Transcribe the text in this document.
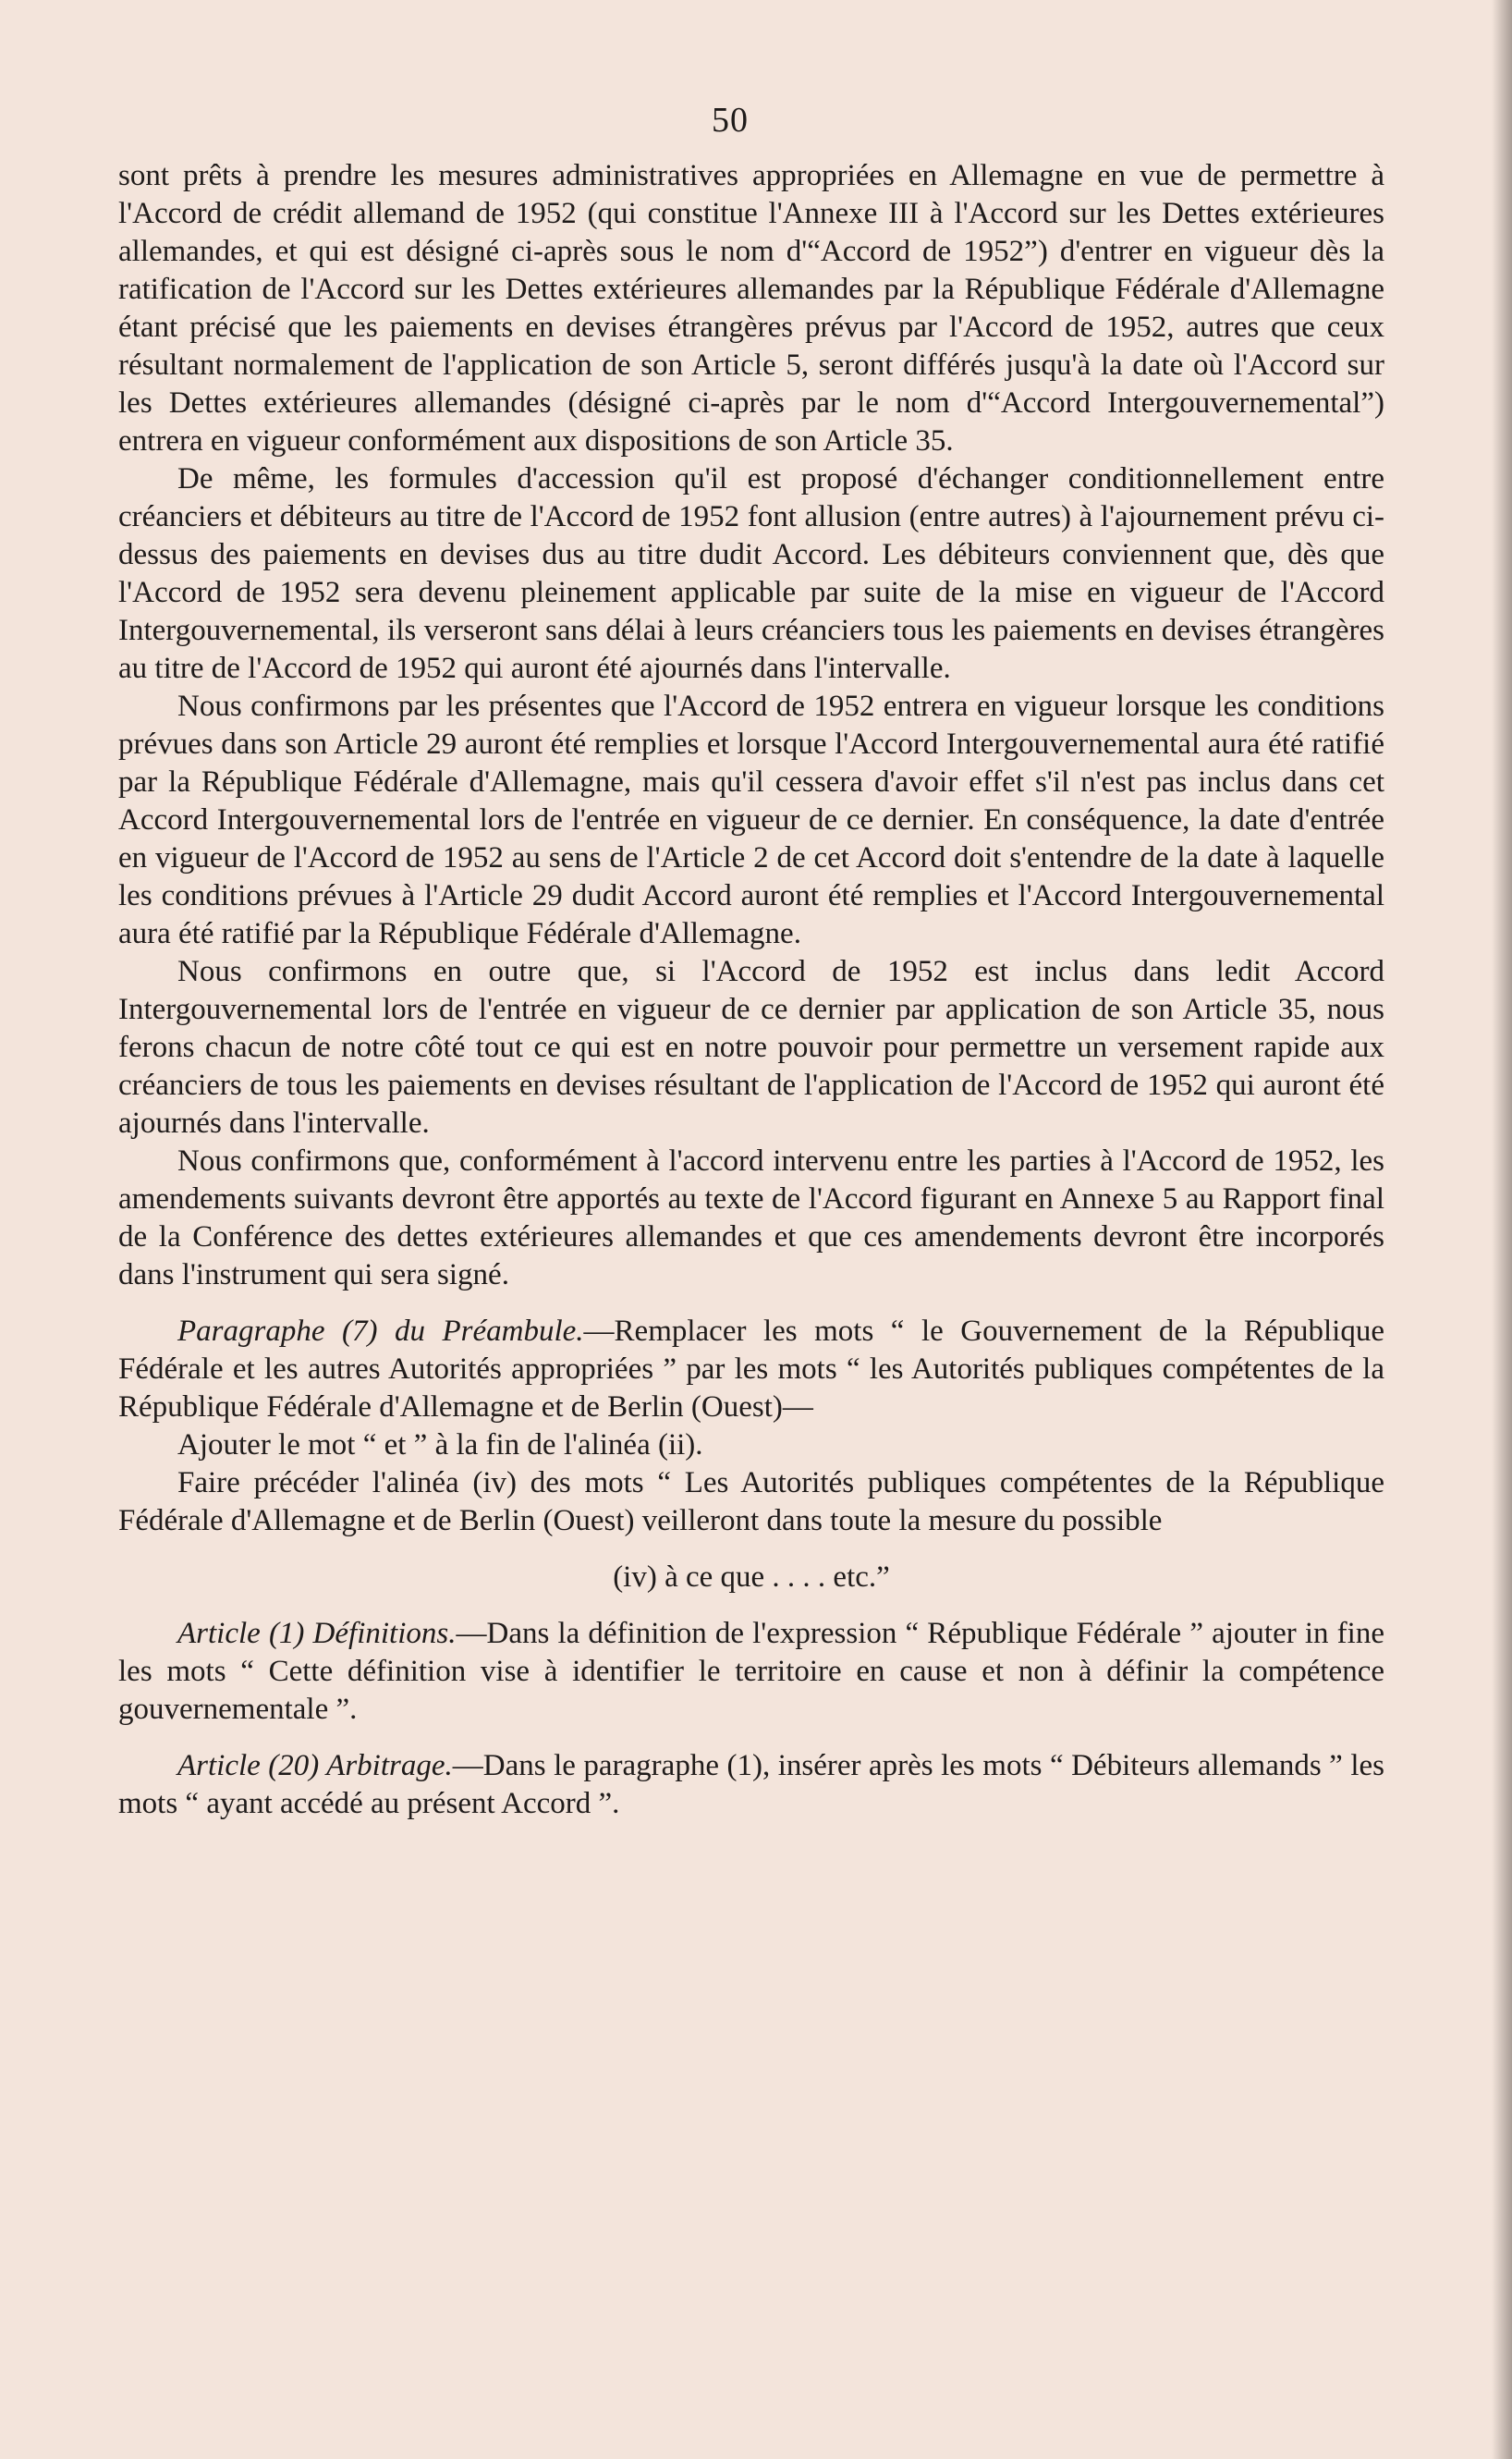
50

sont prêts à prendre les mesures administratives appropriées en Allemagne en vue de permettre à l'Accord de crédit allemand de 1952 (qui constitue l'Annexe III à l'Accord sur les Dettes extérieures allemandes, et qui est désigné ci-après sous le nom d'“Accord de 1952”) d'entrer en vigueur dès la ratification de l'Accord sur les Dettes extérieures allemandes par la République Fédérale d'Allemagne étant précisé que les paiements en devises étrangères prévus par l'Accord de 1952, autres que ceux résultant normalement de l'application de son Article 5, seront différés jusqu'à la date où l'Accord sur les Dettes extérieures allemandes (désigné ci-après par le nom d'“Accord Intergouvernemental”) entrera en vigueur conformément aux dispositions de son Article 35.

De même, les formules d'accession qu'il est proposé d'échanger conditionnellement entre créanciers et débiteurs au titre de l'Accord de 1952 font allusion (entre autres) à l'ajournement prévu ci-dessus des paiements en devises dus au titre dudit Accord. Les débiteurs conviennent que, dès que l'Accord de 1952 sera devenu pleinement applicable par suite de la mise en vigueur de l'Accord Intergouvernemental, ils verseront sans délai à leurs créanciers tous les paiements en devises étrangères au titre de l'Accord de 1952 qui auront été ajournés dans l'intervalle.

Nous confirmons par les présentes que l'Accord de 1952 entrera en vigueur lorsque les conditions prévues dans son Article 29 auront été remplies et lorsque l'Accord Intergouvernemental aura été ratifié par la République Fédérale d'Allemagne, mais qu'il cessera d'avoir effet s'il n'est pas inclus dans cet Accord Intergouvernemental lors de l'entrée en vigueur de ce dernier. En conséquence, la date d'entrée en vigueur de l'Accord de 1952 au sens de l'Article 2 de cet Accord doit s'entendre de la date à laquelle les conditions prévues à l'Article 29 dudit Accord auront été remplies et l'Accord Intergouvernemental aura été ratifié par la République Fédérale d'Allemagne.

Nous confirmons en outre que, si l'Accord de 1952 est inclus dans ledit Accord Intergouvernemental lors de l'entrée en vigueur de ce dernier par application de son Article 35, nous ferons chacun de notre côté tout ce qui est en notre pouvoir pour permettre un versement rapide aux créanciers de tous les paiements en devises résultant de l'application de l'Accord de 1952 qui auront été ajournés dans l'intervalle.

Nous confirmons que, conformément à l'accord intervenu entre les parties à l'Accord de 1952, les amendements suivants devront être apportés au texte de l'Accord figurant en Annexe 5 au Rapport final de la Conférence des dettes extérieures allemandes et que ces amendements devront être incorporés dans l'instrument qui sera signé.

Paragraphe (7) du Préambule.—Remplacer les mots “ le Gouvernement de la République Fédérale et les autres Autorités appropriées ” par les mots “ les Autorités publiques compétentes de la République Fédérale d'Allemagne et de Berlin (Ouest)—

Ajouter le mot “ et ” à la fin de l'alinéa (ii).

Faire précéder l'alinéa (iv) des mots “ Les Autorités publiques compétentes de la République Fédérale d'Allemagne et de Berlin (Ouest) veilleront dans toute la mesure du possible

(iv) à ce que . . . . etc.”

Article (1) Définitions.—Dans la définition de l'expression “ République Fédérale ” ajouter in fine les mots “ Cette définition vise à identifier le territoire en cause et non à définir la compétence gouvernementale ”.

Article (20) Arbitrage.—Dans le paragraphe (1), insérer après les mots “ Débiteurs allemands ” les mots “ ayant accédé au présent Accord ”.
